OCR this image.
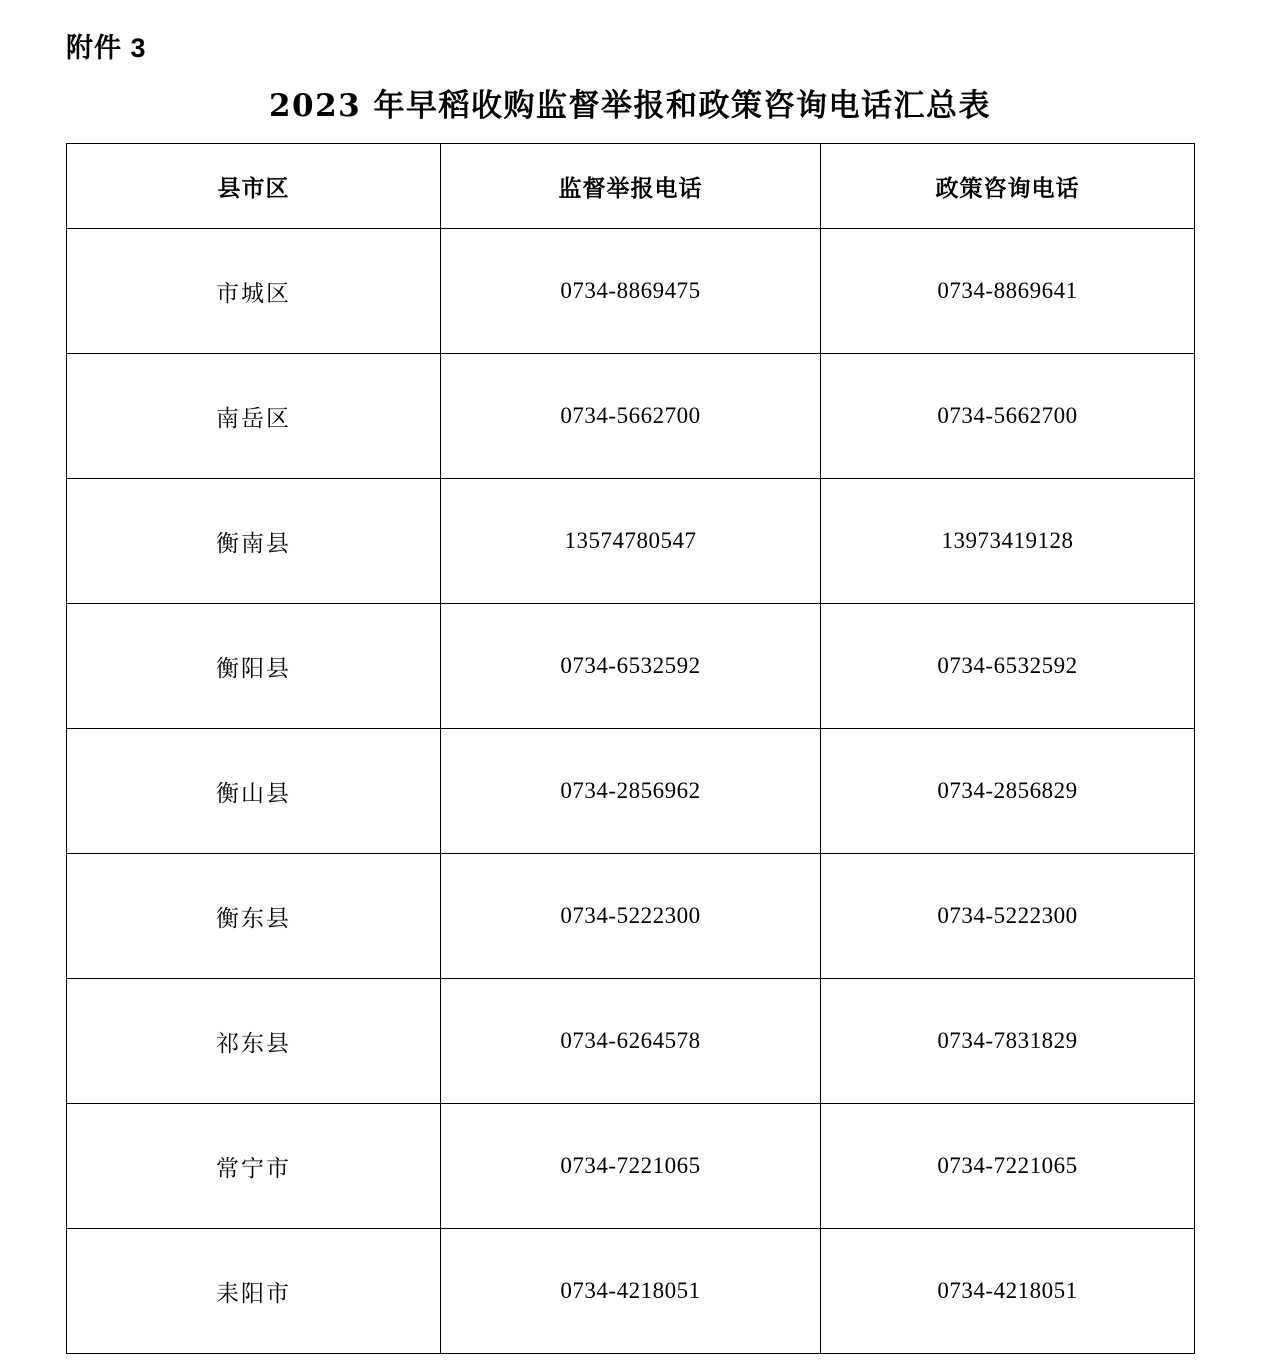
附件 3
2023 年早稻收购监督举报和政策咨询电话汇总表
县市区	监督举报电话	政策咨询电话
市城区	0734-8869475	0734-8869641
南岳区	0734-5662700	0734-5662700
衡南县	13574780547	13973419128
衡阳县	0734-6532592	0734-6532592
衡山县	0734-2856962	0734-2856829
衡东县	0734-5222300	0734-5222300
祁东县	0734-6264578	0734-7831829
常宁市	0734-7221065	0734-7221065
耒阳市	0734-4218051	0734-4218051
